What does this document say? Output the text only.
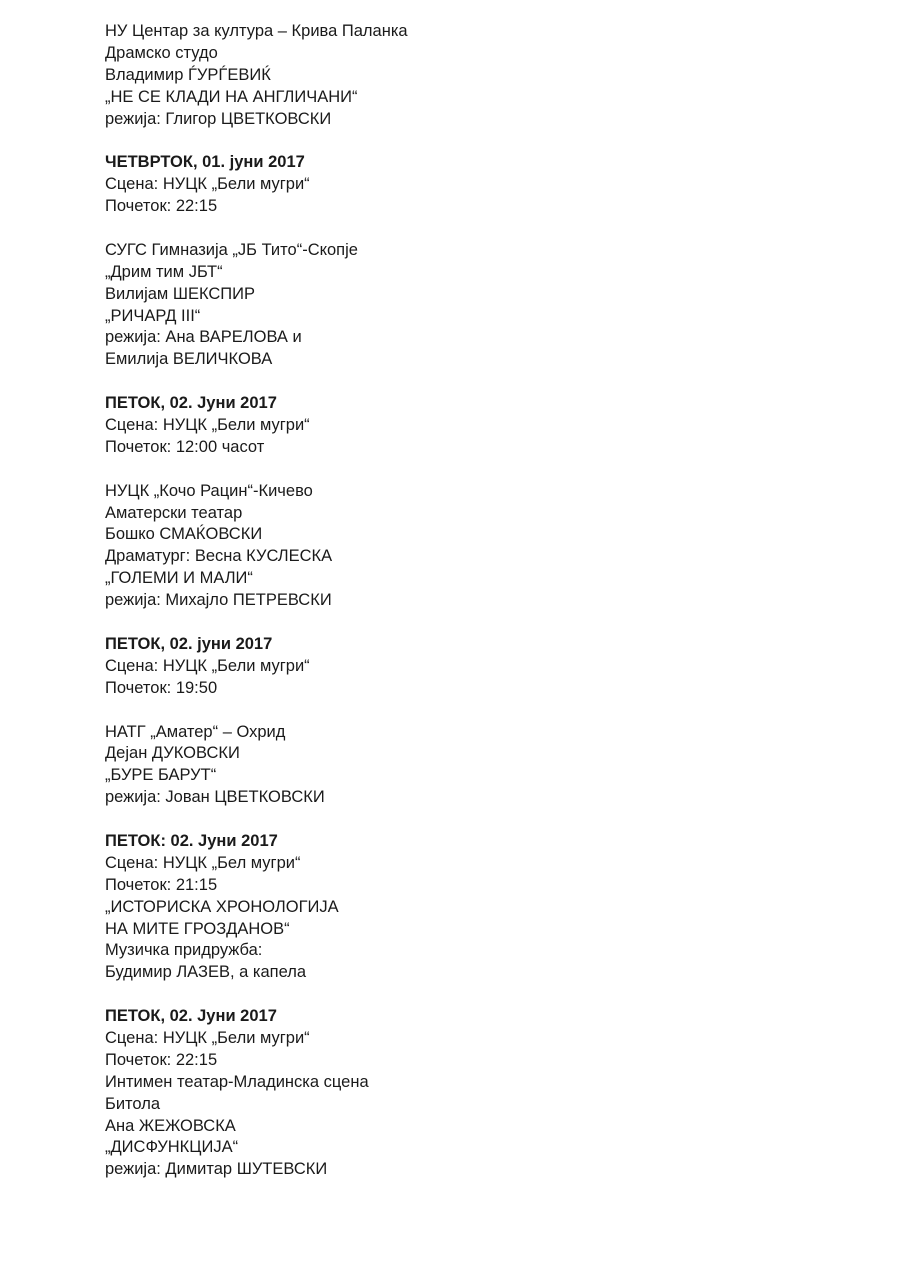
НУ Центар за култура – Крива Паланка
Драмско студо
Владимир ЃУРЃЕВИЌ
„НЕ СЕ КЛАДИ НА АНГЛИЧАНИ“
режија: Глигор ЦВЕТКОВСКИ
ЧЕТВРТОК, 01. јуни 2017
Сцена: НУЦК „Бели мугри“
Почеток: 22:15
СУГС Гимназија „ЈБ Тито“-Скопје
„Дрим тим ЈБТ“
Вилијам ШЕКСПИР
„РИЧАРД III“
режија: Ана ВАРЕЛОВА и
Емилија ВЕЛИЧКОВА
ПЕТОК, 02. Јуни 2017
Сцена: НУЦК „Бели мугри“
Почеток: 12:00 часот
НУЦК „Кочо Рацин“-Кичево
Аматерски театар
Бошко СМАЌОВСКИ
Драматург: Весна КУСЛЕСКА
„ГОЛЕМИ И МАЛИ“
режија: Михајло ПЕТРЕВСКИ
ПЕТОК, 02. јуни 2017
Сцена: НУЦК „Бели мугри“
Почеток: 19:50
НАТГ „Аматер“ – Охрид
Дејан ДУКОВСКИ
„БУРЕ БАРУТ“
режија: Јован ЦВЕТКОВСКИ
ПЕТОК: 02. Јуни 2017
Сцена: НУЦК „Бел мугри“
Почеток: 21:15
„ИСТОРИСКА ХРОНОЛОГИЈА
НА МИТЕ ГРОЗДАНОВ“
Музичка придружба:
Будимир ЛАЗЕВ, а капела
ПЕТОК, 02. Јуни 2017
Сцена: НУЦК „Бели мугри“
Почеток: 22:15
Интимен театар-Младинска сцена
Битола
Ана ЖЕЖОВСКА
„ДИСФУНКЦИЈА“
режија: Димитар ШУТЕВСКИ
